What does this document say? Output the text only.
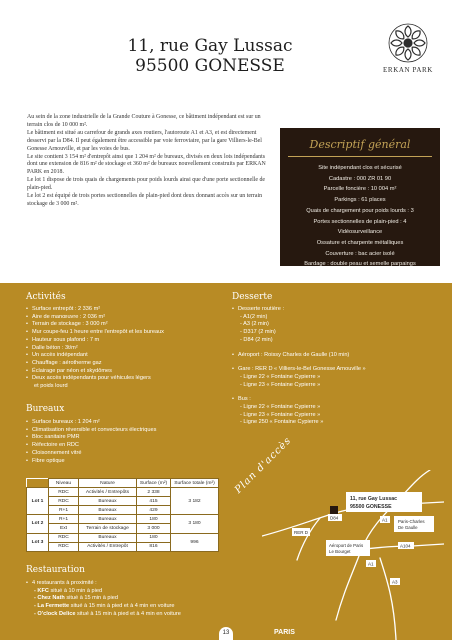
11, rue Gay Lussac
95500 GONESSE	ERKAN PARK

Au sein de la zone industrielle de la Grande Couture à Gonesse, ce bâtiment indépendant est sur un terrain clos de 10 000 m².

Le bâtiment est situé au carrefour de grands axes routiers, l'autoroute A1 et A3, et est directement desservi par la D84. Il peut également être accessible par voie ferroviaire, par la gare Villiers-le-Bel Gonesse Arnouville, et par les voies de bus.

Le site contient 3 154 m² d'entrepôt ainsi que 1 204 m² de bureaux, divisés en deux lots indépendants dont une extension de 816 m² de stockage et 360 m² de bureaux nouvellement construits par ERKAN PARK en 2018.

Le lot 1 dispose de trois quais de chargements pour poids lourds ainsi que d'une porte sectionnelle de plain-pied.

Le lot 2 est équipé de trois portes sectionnelles de plain-pied dont deux donnant accès sur un terrain stockage de 3 000 m².

Descriptif général
Site indépendant clos et sécurisé
Cadastre : 000 ZR 01 90
Parcelle foncière : 10 004 m²
Parkings : 61 places
Quais de chargement pour poids lourds : 3
Portes sectionnelles de plain-pied : 4
Vidéosurveillance
Ossature et charpente métalliques
Couverture : bac acier isolé
Bardage : double peau et semelle parpaings
Activités
• Surface entrepôt : 2 336 m²
• Aire de manœuvre : 2 036 m²
• Terrain de stockage : 3 000 m²
• Mur coupe-feu 1 heure entre l'entrepôt et les bureaux
• Hauteur sous plafond : 7 m
• Dalle béton : 3t/m²
• Un accès indépendant
• Chauffage : aérotherme gaz
• Éclairage par néon et skydômes
• Deux accès indépendants pour véhicules légers
et poids lourd
Bureaux
• Surface bureaux : 1 204 m²
• Climatisation réversible et convecteurs électriques
• Bloc sanitaire PMR
• Réfectoire en RDC
• Cloisonnement vitré
• Fibre optique
	Niveau	Nature	Surface (m²)	Surface totale (m²)
Lot 1	RDC	Activités / Entrepôts	2 338	3 182
	RDC	Bureaux	415	
	R+1	Bureaux	429	
Lot 2	R+1	Bureaux	180	3 180
	Ext	Terrain de stockage	3 000	
Lot 3	RDC	Bureaux	180	996
	RDC	Activités / Entrepôt	816	
Restauration
• 4 restaurants à proximité :
- KFC situé à 10 min à pied
- Chez Nath situé à 15 min à pied
- La Fermette situé à 15 min à pied et à 4 min en voiture
- O'clock Delice situé à 15 min à pied et à 4 min en voiture
Desserte
• Desserte routière :
- A1(2 min)
- A3 (2 min)
- D317 (2 min)
- D84 (2 min)
• Aéroport : Roissy Charles de Gaulle (10 min)
• Gare : RER D « Villiers-le-Bel Gonesse Arnouville »
- Ligne 22 « Fontaine Cypierre »
- Ligne 23 « Fontaine Cypierre »
• Bus :
- Ligne 22 « Fontaine Cypierre »
- Ligne 23 « Fontaine Cypierre »
- Ligne 250 « Fontaine Cypierre »
Plan d'accès
11, rue Gay Lussac
95500 GONESSE
D84	A1
A104
A1
A3
RER D
Paris-Charles
De Gaulle
Aéroport de Paris
Le Bourget
PARIS
13
